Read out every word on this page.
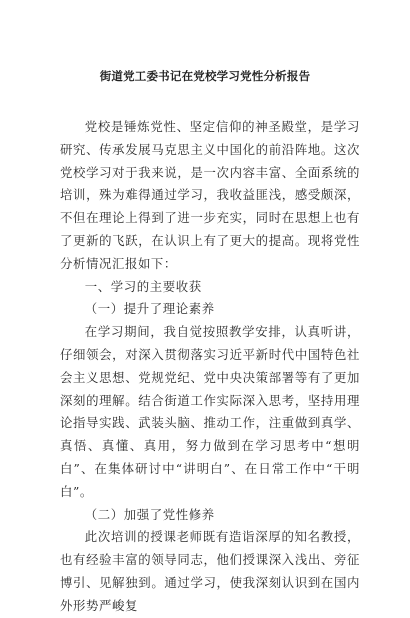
街道党工委书记在党校学习党性分析报告

党校是锤炼党性、坚定信仰的神圣殿堂，是学习研究、传承发展马克思主义中国化的前沿阵地。这次党校学习对于我来说，是一次内容丰富、全面系统的培训，殊为难得通过学习，我收益匪浅，感受颇深，不但在理论上得到了进一步充实，同时在思想上也有了更新的飞跃，在认识上有了更大的提高。现将党性分析情况汇报如下：

一、学习的主要收获
（一）提升了理论素养

在学习期间，我自觉按照教学安排，认真听讲，仔细领会，对深入贯彻落实习近平新时代中国特色社会主义思想、党规党纪、党中央决策部署等有了更加深刻的理解。结合街道工作实际深入思考，坚持用理论指导实践、武装头脑、推动工作，注重做到真学、真悟、真懂、真用，努力做到在学习思考中“想明白”、在集体研讨中“讲明白”、在日常工作中“干明白”。

（二）加强了党性修养

此次培训的授课老师既有造诣深厚的知名教授，也有经验丰富的领导同志，他们授课深入浅出、旁征博引、见解独到。通过学习，使我深刻认识到在国内外形势严峻复
